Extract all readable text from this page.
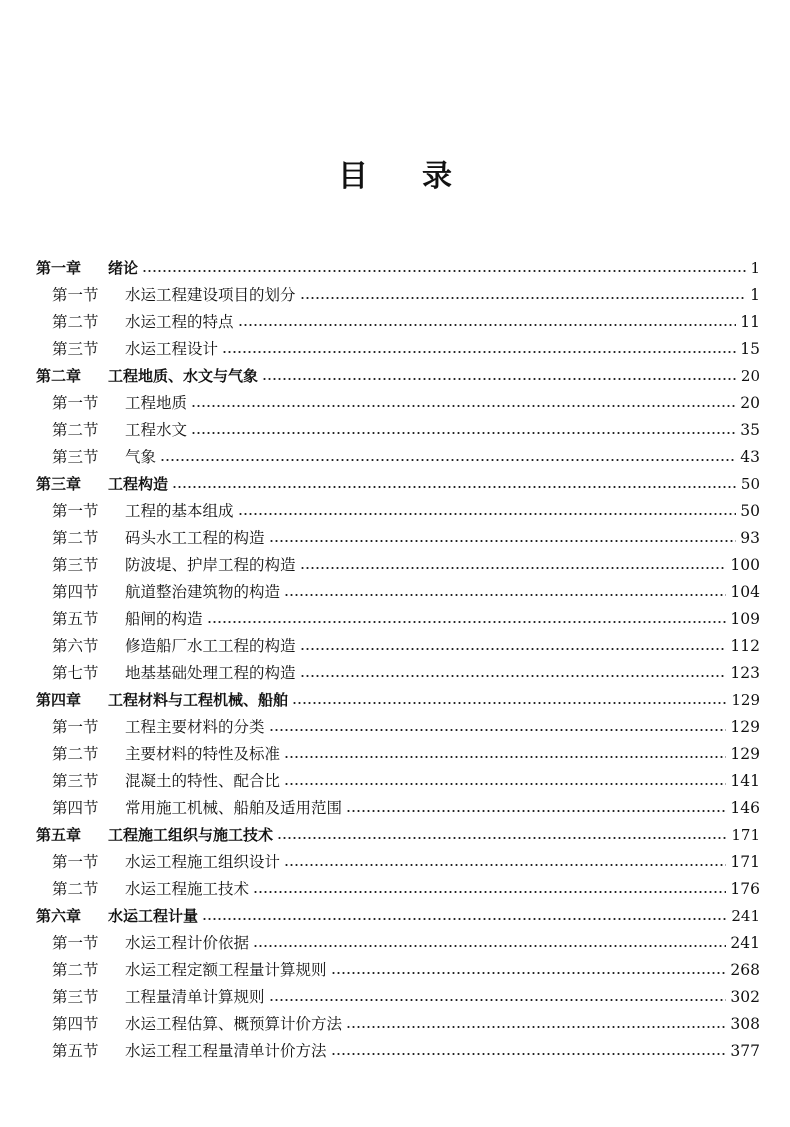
目录
第一章	绪论	1
第一节	水运工程建设项目的划分	1
第二节	水运工程的特点	11
第三节	水运工程设计	15
第二章	工程地质、水文与气象	20
第一节	工程地质	20
第二节	工程水文	35
第三节	气象	43
第三章	工程构造	50
第一节	工程的基本组成	50
第二节	码头水工工程的构造	93
第三节	防波堤、护岸工程的构造	100
第四节	航道整治建筑物的构造	104
第五节	船闸的构造	109
第六节	修造船厂水工工程的构造	112
第七节	地基基础处理工程的构造	123
第四章	工程材料与工程机械、船舶	129
第一节	工程主要材料的分类	129
第二节	主要材料的特性及标准	129
第三节	混凝土的特性、配合比	141
第四节	常用施工机械、船舶及适用范围	146
第五章	工程施工组织与施工技术	171
第一节	水运工程施工组织设计	171
第二节	水运工程施工技术	176
第六章	水运工程计量	241
第一节	水运工程计价依据	241
第二节	水运工程定额工程量计算规则	268
第三节	工程量清单计算规则	302
第四节	水运工程估算、概预算计价方法	308
第五节	水运工程工程量清单计价方法	377
